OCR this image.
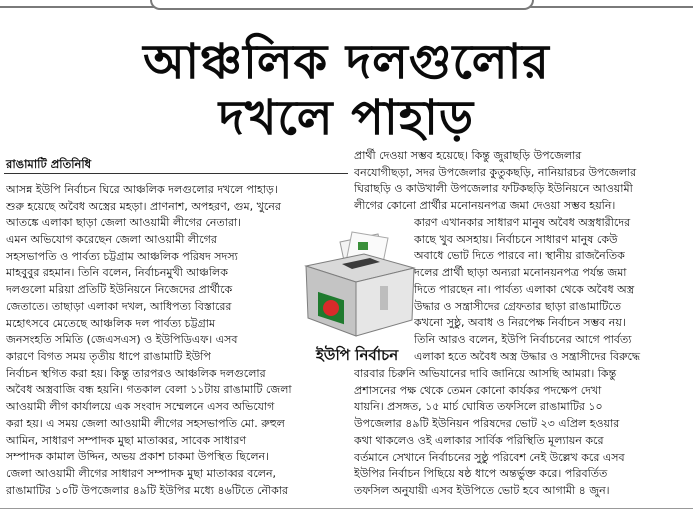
আঞ্চলিক দলগুলোর
দখলে পাহাড়
রাঙামাটি প্রতিনিধি
আসন্ন ইউপি নির্বাচন ঘিরে আঞ্চলিক দলগুলোর দখলে পাহাড়।
শুরু হয়েছে অবৈধ অস্ত্রের মহড়া। প্রাণনাশ, অপহরণ, গুম, খুনের
আতঙ্কে এলাকা ছাড়া জেলা আওয়ামী লীগের নেতারা।
এমন অভিযোগ করেছেন জেলা আওয়ামী লীগের
সহসভাপতি ও পার্বত্য চট্টগ্রাম আঞ্চলিক পরিষদ সদস্য
মাহবুবুর রহমান। তিনি বলেন, নির্বাচনমুখী আঞ্চলিক
দলগুলো মরিয়া প্রতিটি ইউনিয়নে নিজেদের প্রার্থীকে
জেতাতে। তাছাড়া এলাকা দখল, আধিপত্য বিস্তারের
মহোৎসবে মেতেছে আঞ্চলিক দল পার্বত্য চট্টগ্রাম
জনসংহতি সমিতি (জেএসএস) ও ইউপিডিএফ। এসব
কারণে বিগত সময় তৃতীয় ধাপে রাঙামাটি ইউপি
নির্বাচন স্থগিত করা হয়। কিন্তু তারপরও আঞ্চলিক দলগুলোর
অবৈধ অস্ত্রবাজি বন্ধ হয়নি। গতকাল বেলা ১১টায় রাঙামাটি জেলা
আওয়ামী লীগ কার্যালয়ে এক সংবাদ সম্মেলনে এসব অভিযোগ
করা হয়। এ সময় জেলা আওয়ামী লীগের সহসভাপতি মো. রুহুল
আমিন, সাধারণ সম্পাদক মুছা মাতাব্বর, সাবেক সাধারণ
সম্পাদক কামাল উদ্দিন, অভয় প্রকাশ চাকমা উপস্থিত ছিলেন।
জেলা আওয়ামী লীগের সাধারণ সম্পাদক মুছা মাতাব্বর বলেন,
রাঙামাটির ১০টি উপজেলার ৪৯টি ইউপির মধ্যে ৪৬টিতে নৌকার
প্রার্থী দেওয়া সম্ভব হয়েছে। কিন্তু জুরাছড়ি উপজেলার
বনযোগীছড়া, সদর উপজেলার কুতুকছড়ি, নানিয়ারচর উপজেলার
ঘিরাছড়ি ও কাউখালী উপজেলার ফটিকছড়ি ইউনিয়নে আওয়ামী
লীগের কোনো প্রার্থীর মনোনয়নপত্র জমা দেওয়া সম্ভব হয়নি।
কারণ এখানকার সাধারণ মানুষ অবৈধ অস্ত্রধারীদের
কাছে খুব অসহায়। নির্বাচনে সাধারণ মানুষ কেউ
অবাধে ভোট দিতে পারবে না। স্থানীয় রাজনৈতিক
দলের প্রার্থী ছাড়া অন্যরা মনোনয়নপত্র পর্যন্ত জমা
দিতে পারছেন না। পার্বত্য এলাকা থেকে অবৈধ অস্ত্র
উদ্ধার ও সন্ত্রাসীদের গ্রেফতার ছাড়া রাঙামাটিতে
কখনো সুষ্ঠু, অবাধ ও নিরপেক্ষ নির্বাচন সম্ভব নয়।
তিনি আরও বলেন, ইউপি নির্বাচনের আগে পার্বত্য
এলাকা হতে অবৈধ অস্ত্র উদ্ধার ও সন্ত্রাসীদের বিরুদ্ধে
বারবার চিরুনি অভিযানের দাবি জানিয়ে আসছি আমরা। কিন্তু
প্রশাসনের পক্ষ থেকে তেমন কোনো কার্যকর পদক্ষেপ দেখা
যায়নি। প্রসঙ্গত, ১৫ মার্চ ঘোষিত তফসিলে রাঙামাটির ১০
উপজেলার ৪৯টি ইউনিয়ন পরিষদের ভোট ২৩ এপ্রিল হওয়ার
কথা থাকলেও ওই এলাকার সার্বিক পরিস্থিতি মূল্যায়ন করে
বর্তমানে সেখানে নির্বাচনের সুষ্ঠু পরিবেশ নেই উল্লেখ করে এসব
ইউপির নির্বাচন পিছিয়ে ষষ্ঠ ধাপে অন্তর্ভুক্ত করে। পরিবর্তিত
তফসিল অনুযায়ী এসব ইউপিতে ভোট হবে আগামী ৪ জুন।
ইউপি নির্বাচন
